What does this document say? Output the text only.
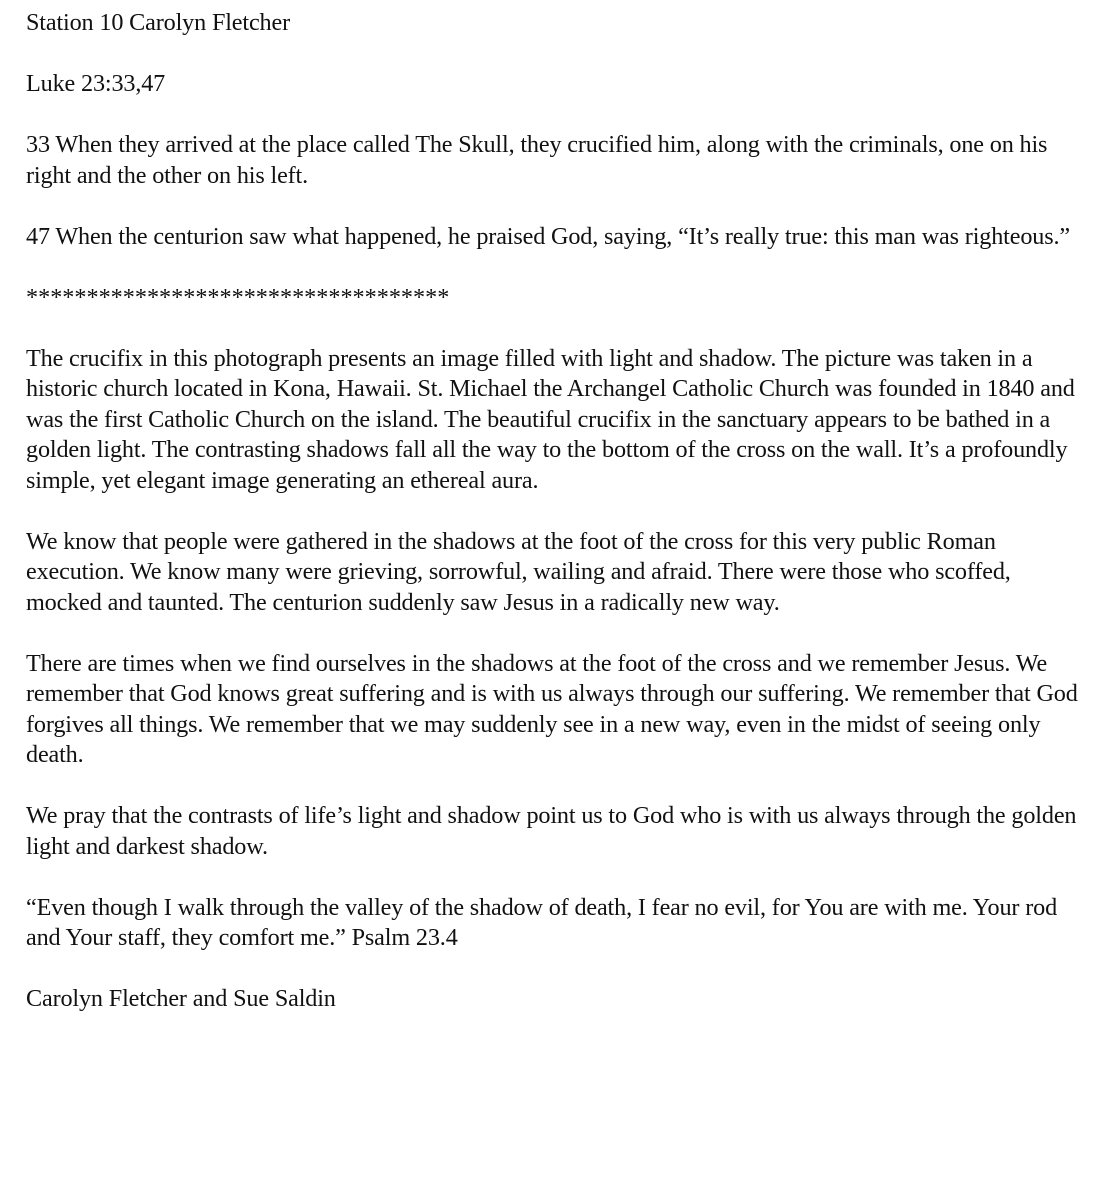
Station 10 Carolyn Fletcher

Luke 23:33,47

33 When they arrived at the place called The Skull, they crucified him, along with the criminals, one on his right and the other on his left.

47 When the centurion saw what happened, he praised God, saying, “It’s really true: this man was righteous.”

***********************************

The crucifix in this photograph presents an image filled with light and shadow. The picture was taken in a historic church located in Kona, Hawaii. St. Michael the Archangel Catholic Church was founded in 1840 and was the first Catholic Church on the island. The beautiful crucifix in the sanctuary appears to be bathed in a golden light. The contrasting shadows fall all the way to the bottom of the cross on the wall. It’s a profoundly simple, yet elegant image generating an ethereal aura.

We know that people were gathered in the shadows at the foot of the cross for this very public Roman execution. We know many were grieving, sorrowful, wailing and afraid. There were those who scoffed, mocked and taunted. The centurion suddenly saw Jesus in a radically new way.

There are times when we find ourselves in the shadows at the foot of the cross and we remember Jesus. We remember that God knows great suffering and is with us always through our suffering. We remember that God forgives all things. We remember that we may suddenly see in a new way, even in the midst of seeing only death.

We pray that the contrasts of life’s light and shadow point us to God who is with us always through the golden light and darkest shadow.

“Even though I walk through the valley of the shadow of death, I fear no evil, for You are with me. Your rod and Your staff, they comfort me.” Psalm 23.4

Carolyn Fletcher and Sue Saldin
